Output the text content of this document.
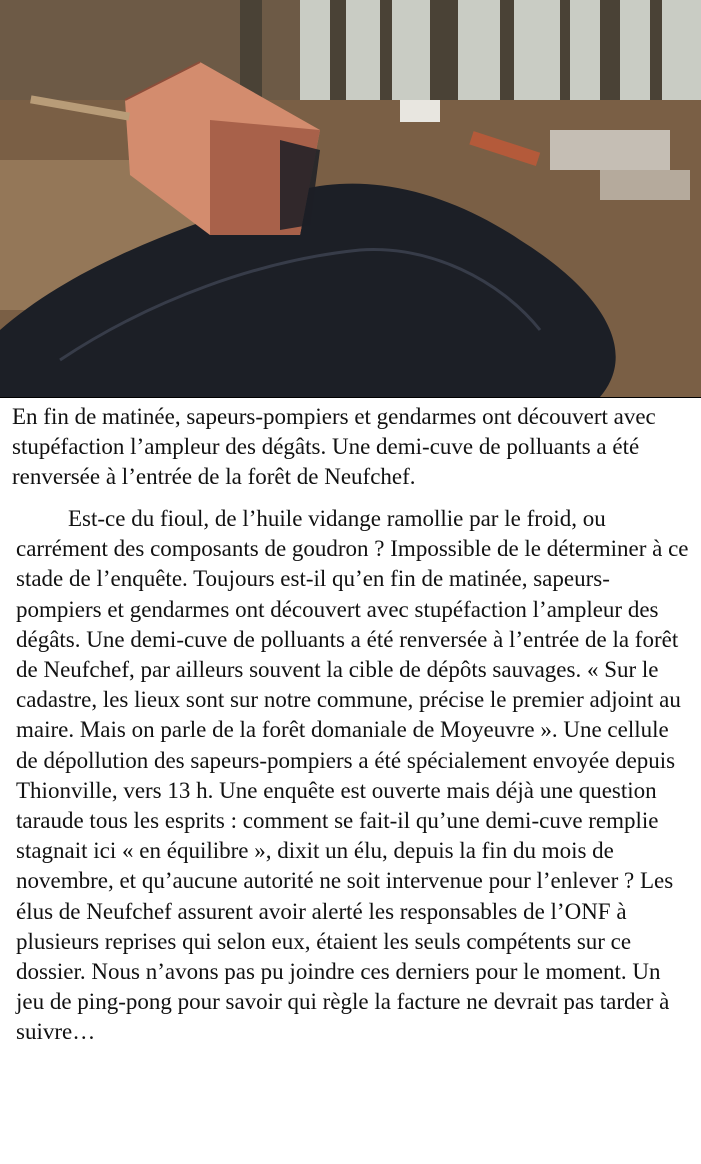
En fin de matinée, sapeurs-pompiers et gendarmes ont découvert avec stupéfaction l’ampleur des dégâts. Une demi-cuve de polluants a été renversée à l’entrée de la forêt de Neufchef.

Est-ce du fioul, de l’huile vidange ramollie par le froid, ou carrément des composants de goudron ? Impossible de le déterminer à ce stade de l’enquête. Toujours est-il qu’en fin de matinée, sapeurs-pompiers et gendarmes ont découvert avec stupéfaction l’ampleur des dégâts. Une demi-cuve de polluants a été renversée à l’entrée de la forêt de Neufchef, par ailleurs souvent la cible de dépôts sauvages. « Sur le cadastre, les lieux sont sur notre commune, précise le premier adjoint au maire. Mais on parle de la forêt domaniale de Moyeuvre ». Une cellule de dépollution des sapeurs-pompiers a été spécialement envoyée depuis Thionville, vers 13 h. Une enquête est ouverte mais déjà une question taraude tous les esprits : comment se fait-il qu’une demi-cuve remplie stagnait ici « en équilibre », dixit un élu, depuis la fin du mois de novembre, et qu’aucune autorité ne soit intervenue pour l’enlever ? Les élus de Neufchef assurent avoir alerté les responsables de l’ONF à plusieurs reprises qui selon eux, étaient les seuls compétents sur ce dossier. Nous n’avons pas pu joindre ces derniers pour le moment. Un jeu de ping-pong pour savoir qui règle la facture ne devrait pas tarder à suivre…
